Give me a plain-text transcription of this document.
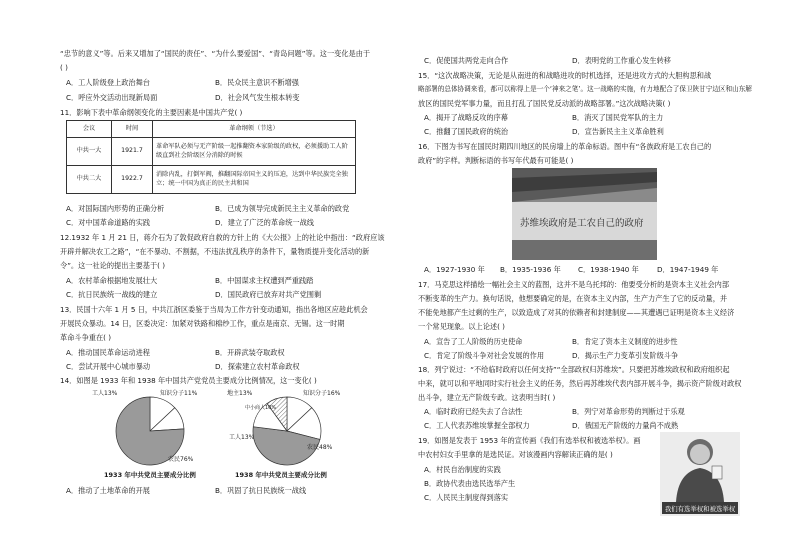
“忠节的意义”等。后来又增加了“国民的责任”、“为什么要爱国”、“青岛问题”等。这一变化是由于
( )
A．工人阶级登上政治舞台	B．民众民主意识不断增强
C．呼应外交活动出现新局面	D．社会风气发生根本转变
11．影响下表中革命纲领变化的主要因素是中国共产党( )
会议	时间	革命纲领（节选）
中共一大	1921.7	革命军队必须与无产阶级一起推翻资本家阶级的政权，必须援助工人阶级直到社会阶级区分消除的时候
中共二大	1922.7	消除内乱，打倒军阀，推翻国际帝国主义的压迫，达到中华民族完全独立；统一中国为真正的民主共和国
A．对国际国内形势的正确分析	B．已成为领导完成新民主主义革命的政党
C．对中国革命道路的实践	D．建立了广泛的革命统一战线
12.1932 年 1 月 21 日，蒋介石为了敦促政府自救的方针上的《大公报》上的社论中指出：“政府应该
开辟并解决农工之路”，“在不暴动、不割据，不违法扰乱秩序的条件下，量物质提升变化活动的新
令”。这一社论的提出主要基于( )
A．农村革命根据地发展壮大	B．中国谋求主权遭到严重践踏
C．抗日民族统一战线的建立	D．国民政府已放弃对共产党围剿
13．民国十六年 1 月 5 日，中共江浙区委鉴于当局为工作方针变动通知，指出各地区应趁此机会
开展民众暴动。14 日，区委决定：加紧对铁路和棉纱工作，重点是南京、无锡。这一时期
革命斗争重在( )
A．推动国民革命运动进程	B．开辟武装夺取政权
C．尝试开展中心城市暴动	D．探索建立农村革命政权
14．如图是 1933 年和 1938 年中国共产党党员主要成分比例情况，这一变化( )
工人13%	知识分子11%
农民76%
地主13%	知识分子16%
农民48%
工人13%
中小商人10%
1933 年中共党员主要成分比例	1938 年中共党员主要成分比例
A．推动了土地革命的开展	B．巩固了抗日民族统一战线
C．促使国共两党走向合作	D．表明党的工作重心发生转移
15．“这次战略决策，无论是从南进的和战略进攻的时机选择，还是进攻方式的大胆构思和战
略部署的总体协调来看，都可以称得上是一个‘神来之笔’。这一战略的实施，有力地配合了保卫陕甘宁边区和山东解
放区的国民党军事力量，而且打乱了国民党反动派的战略部署。”这次战略决策( )
A．揭开了战略反攻的序幕	B．消灭了国民党军队的主力
C．推翻了国民政府的统治	D．宣告新民主主义革命胜利
16．下图为书写在国民时期四川地区的民房墙上的革命标语。图中有“各族政府是工农自己的
政府”的字样。判断标语的书写年代最有可能是( )
苏维埃政府是工农自己的政府
A．1927-1930 年 B．1935-1936 年 C．1938-1940 年	D．1947-1949 年
17．马克思这样描绘一幅社会主义的蓝图，这并不是乌托邦的：他要受分析的是资本主义社会内部
不断变革的生产力。换句话说，他想要确定的是，在资本主义内部，生产力产生了它的反动量，并
不能免地都产生过剩的生产，以致造成了对其的依赖者和封建制度——其遭遇已证明是资本主义经济
一个常见现象。以上论述( )
A．宣告了工人阶级的历史使命	B．肯定了资本主义制度的进步性
C．肯定了阶级斗争对社会发展的作用	D．揭示生产力变革引发阶级斗争
18．列宁说过：“不给临时政府以任何支持”“全部政权归苏维埃”。只要把苏维埃政权和政府组织起
中来，就可以和平地同时实行社会主义的任务，然后再苏维埃代表内部开展斗争，揭示资产阶级对政权
出斗争，建立无产阶级专政。这表明当时( )
A．临时政府已经失去了合法性	B．列宁对革命形势的判断过于乐观
C．工人代表苏维埃掌握全部权力	D．俄国无产阶级的力量尚不成熟
19．如图是发表于 1953 年的宣传画《我们有选举权和被选举权》。画
中农村妇女手里拿的是选民证。对该漫画内容解读正确的是( )
A．村民自治制度的实践
B．政协代表由选民选举产生
C．人民民主制度得到落实
我们有选举权和被选举权
